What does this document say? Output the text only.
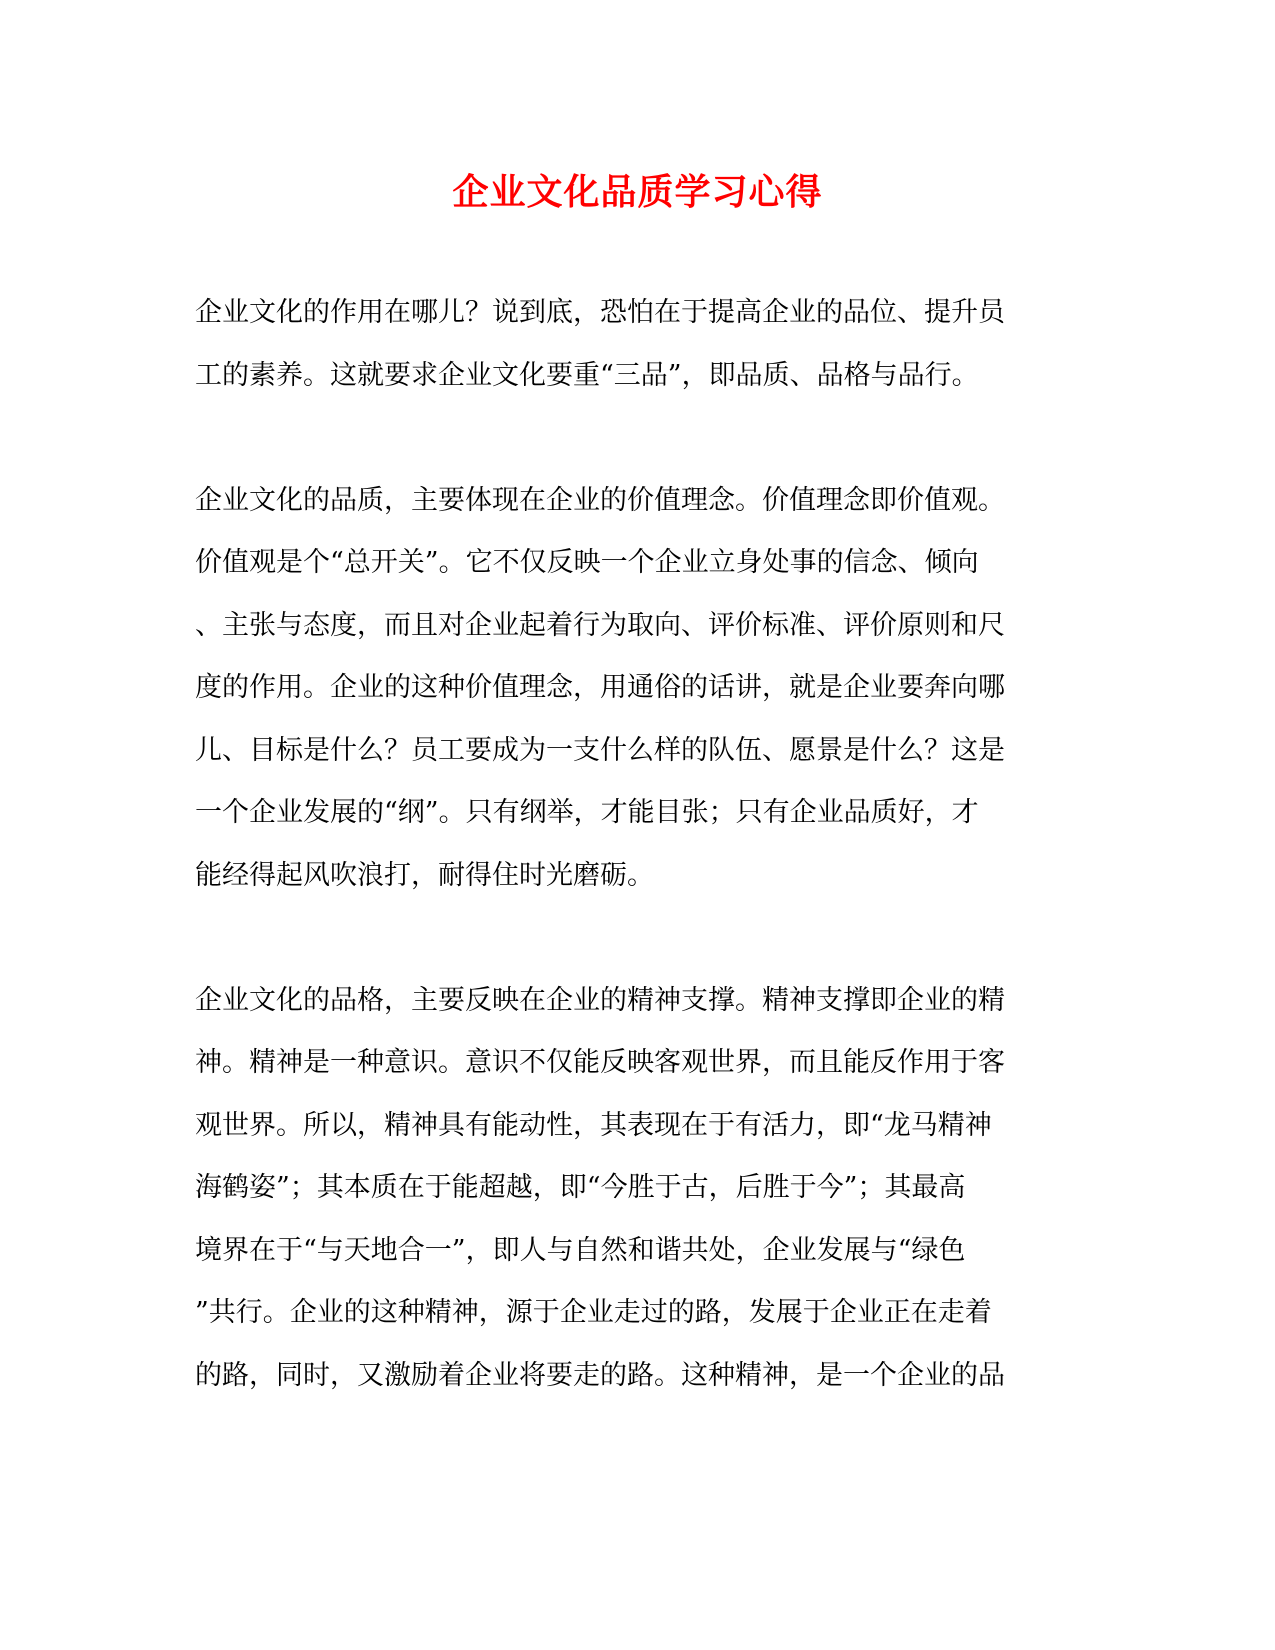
企业文化品质学习心得

企业文化的作用在哪儿？说到底，恐怕在于提高企业的品位、提升员
工的素养。这就要求企业文化要重“三品”，即品质、品格与品行。

企业文化的品质，主要体现在企业的价值理念。价值理念即价值观。
价值观是个“总开关”。它不仅反映一个企业立身处事的信念、倾向
、主张与态度，而且对企业起着行为取向、评价标准、评价原则和尺
度的作用。企业的这种价值理念，用通俗的话讲，就是企业要奔向哪
儿、目标是什么？员工要成为一支什么样的队伍、愿景是什么？这是
一个企业发展的“纲”。只有纲举，才能目张；只有企业品质好，才
能经得起风吹浪打，耐得住时光磨砺。

企业文化的品格，主要反映在企业的精神支撑。精神支撑即企业的精
神。精神是一种意识。意识不仅能反映客观世界，而且能反作用于客
观世界。所以，精神具有能动性，其表现在于有活力，即“龙马精神
海鹤姿”；其本质在于能超越，即“今胜于古，后胜于今”；其最高
境界在于“与天地合一”，即人与自然和谐共处，企业发展与“绿色
”共行。企业的这种精神，源于企业走过的路，发展于企业正在走着
的路，同时，又激励着企业将要走的路。这种精神，是一个企业的品
